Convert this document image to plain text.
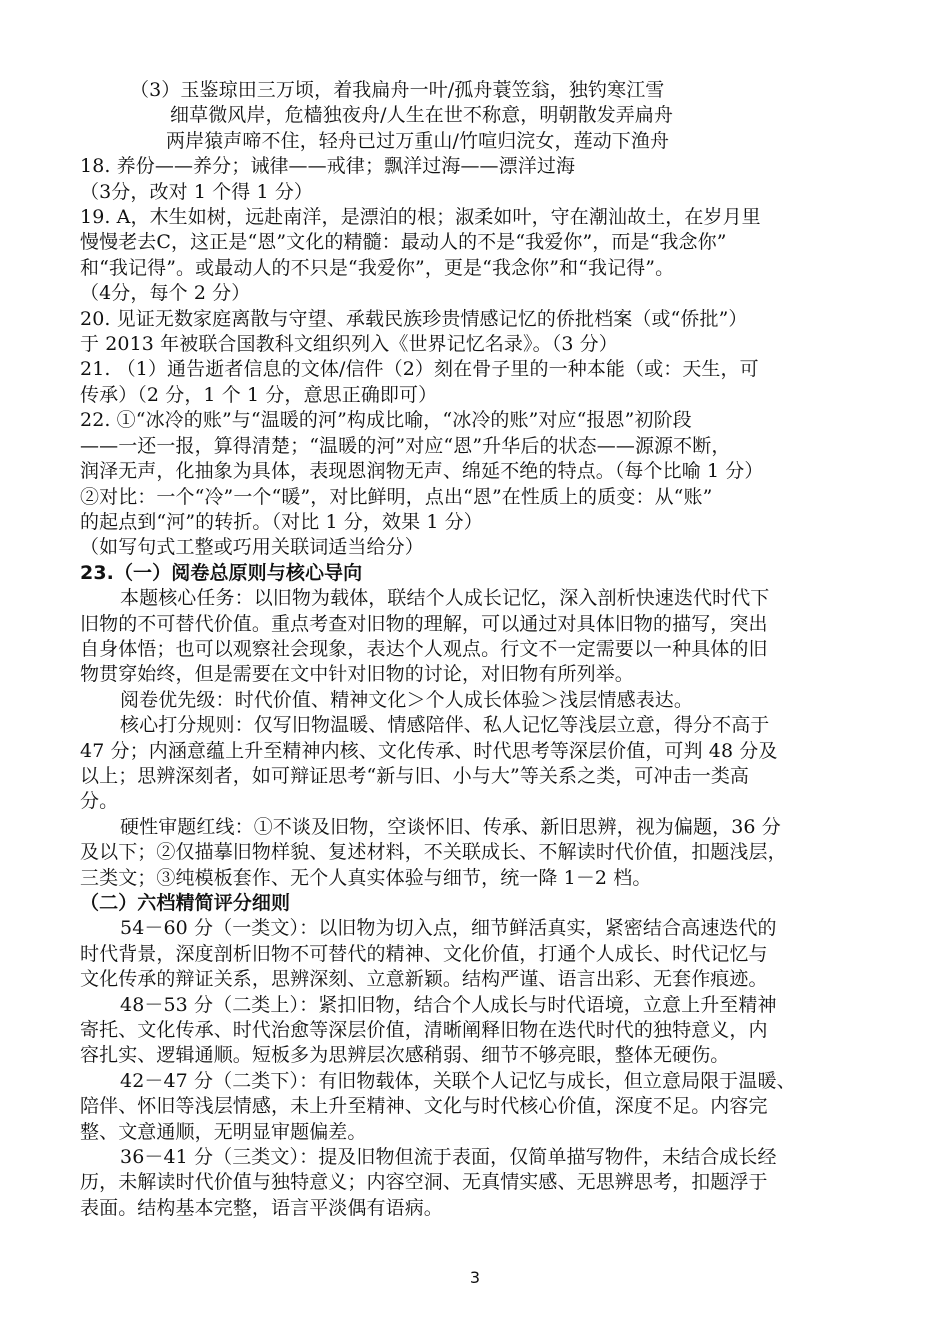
（3）玉鉴琼田三万顷，着我扁舟一叶/孤舟蓑笠翁，独钓寒江雪
细草微风岸，危樯独夜舟/人生在世不称意，明朝散发弄扁舟
两岸猿声啼不住，轻舟已过万重山/竹喧归浣女，莲动下渔舟
18. 养份——养分；诫律——戒律；飘洋过海——漂洋过海
（3分，改对 1 个得 1 分）
19. A，木生如树，远赴南洋，是漂泊的根；淑柔如叶，守在潮汕故土，在岁月里
慢慢老去C，这正是“恩”文化的精髓：最动人的不是“我爱你”，而是“我念你”
和“我记得”。或最动人的不只是“我爱你”，更是“我念你”和“我记得”。
（4分，每个 2 分）
20. 见证无数家庭离散与守望、承载民族珍贵情感记忆的侨批档案（或“侨批”）
于 2013 年被联合国教科文组织列入《世界记忆名录》。（3 分）
21. （1）通告逝者信息的文体/信件（2）刻在骨子里的一种本能（或：天生，可
传承）（2 分，1 个 1 分，意思正确即可）
22. ①“冰冷的账”与“温暖的河”构成比喻，“冰冷的账”对应“报恩”初阶段
——一还一报，算得清楚；“温暖的河”对应“恩”升华后的状态——源源不断，
润泽无声，化抽象为具体，表现恩润物无声、绵延不绝的特点。（每个比喻 1 分）
②对比：一个“冷”一个“暖”，对比鲜明，点出“恩”在性质上的质变：从“账”
的起点到“河”的转折。（对比 1 分，效果 1 分）
（如写句式工整或巧用关联词适当给分）
23.（一）阅卷总原则与核心导向
本题核心任务：以旧物为载体，联结个人成长记忆，深入剖析快速迭代时代下
旧物的不可替代价值。重点考查对旧物的理解，可以通过对具体旧物的描写，突出
自身体悟；也可以观察社会现象，表达个人观点。行文不一定需要以一种具体的旧
物贯穿始终，但是需要在文中针对旧物的讨论，对旧物有所列举。
阅卷优先级：时代价值、精神文化＞个人成长体验＞浅层情感表达。
核心打分规则：仅写旧物温暖、情感陪伴、私人记忆等浅层立意，得分不高于
47 分；内涵意蕴上升至精神内核、文化传承、时代思考等深层价值，可判 48 分及
以上；思辨深刻者，如可辩证思考“新与旧、小与大”等关系之类，可冲击一类高
分。
硬性审题红线：①不谈及旧物，空谈怀旧、传承、新旧思辨，视为偏题，36 分
及以下；②仅描摹旧物样貌、复述材料，不关联成长、不解读时代价值，扣题浅层，
三类文；③纯模板套作、无个人真实体验与细节，统一降 1－2 档。
（二）六档精简评分细则
54－60 分（一类文）：以旧物为切入点，细节鲜活真实，紧密结合高速迭代的
时代背景，深度剖析旧物不可替代的精神、文化价值，打通个人成长、时代记忆与
文化传承的辩证关系，思辨深刻、立意新颖。结构严谨、语言出彩、无套作痕迹。
48－53 分（二类上）：紧扣旧物，结合个人成长与时代语境，立意上升至精神
寄托、文化传承、时代治愈等深层价值，清晰阐释旧物在迭代时代的独特意义，内
容扎实、逻辑通顺。短板多为思辨层次感稍弱、细节不够亮眼，整体无硬伤。
42－47 分（二类下）：有旧物载体，关联个人记忆与成长，但立意局限于温暖、
陪伴、怀旧等浅层情感，未上升至精神、文化与时代核心价值，深度不足。内容完
整、文意通顺，无明显审题偏差。
36－41 分（三类文）：提及旧物但流于表面，仅简单描写物件，未结合成长经
历，未解读时代价值与独特意义；内容空洞、无真情实感、无思辨思考，扣题浮于
表面。结构基本完整，语言平淡偶有语病。
3
